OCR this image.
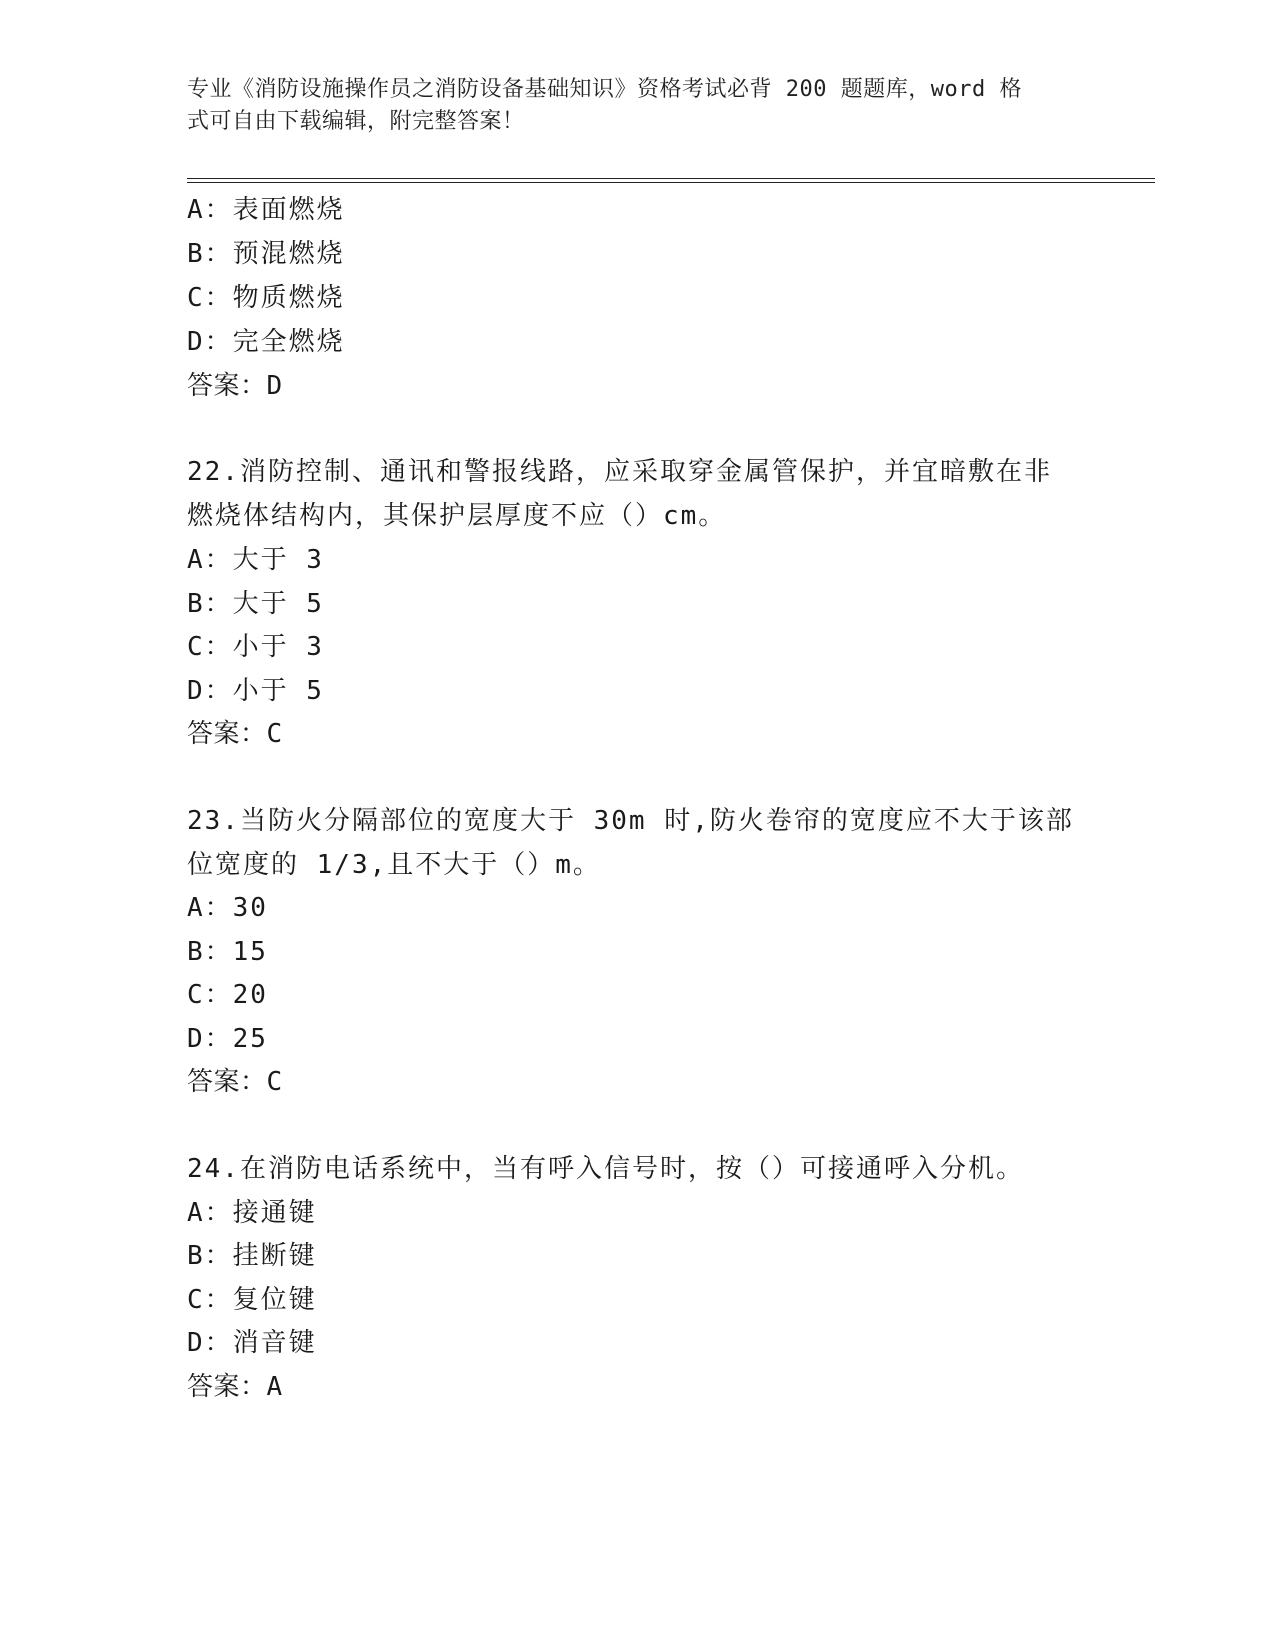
专业《消防设施操作员之消防设备基础知识》资格考试必背 200 题题库，word 格
式可自由下载编辑，附完整答案！
A：表面燃烧
B：预混燃烧
C：物质燃烧
D：完全燃烧
答案：D
22.消防控制、通讯和警报线路，应采取穿金属管保护，并宜暗敷在非
燃烧体结构内，其保护层厚度不应（）cm。
A：大于 3
B：大于 5
C：小于 3
D：小于 5
答案：C
23.当防火分隔部位的宽度大于 30m 时,防火卷帘的宽度应不大于该部
位宽度的 1/3,且不大于（）m。
A：30
B：15
C：20
D：25
答案：C
24.在消防电话系统中，当有呼入信号时，按（）可接通呼入分机。
A：接通键
B：挂断键
C：复位键
D：消音键
答案：A
